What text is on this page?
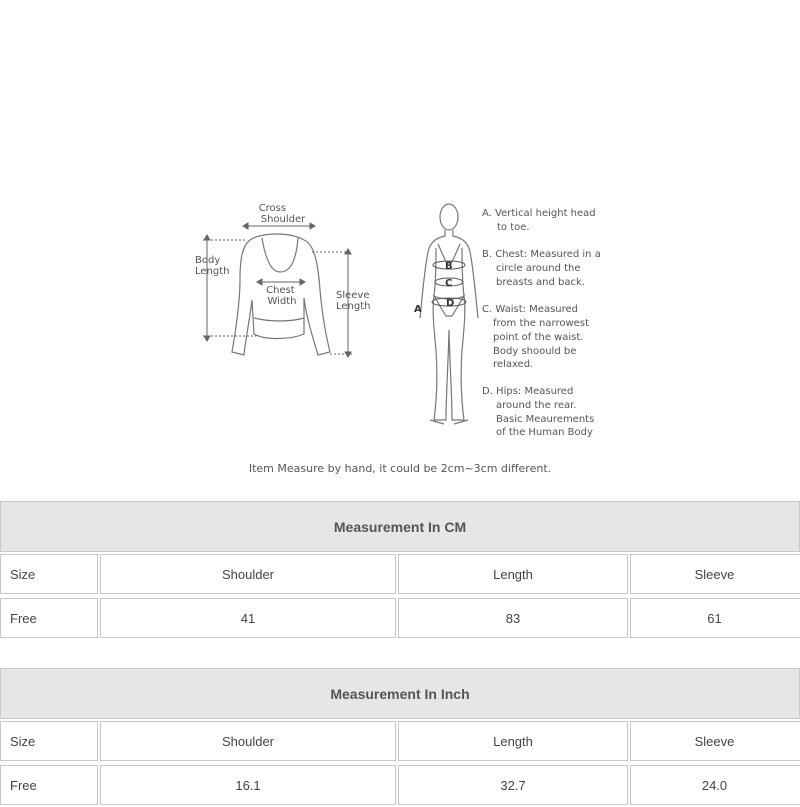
Cross Shoulder
Body Length
Chest Width
Sleeve Length
B
C
D
A
A. Vertical height head to toe.
B. Chest: Measured in a circle around the breasts and back.
C. Waist: Measured from the narrowest point of the waist. Body shoould be relaxed.
D. Hips: Measured around the rear. Basic Meaurements of the Human Body
Item Measure by hand, it could be 2cm~3cm different.
Measurement In CM
Size	Shoulder	Length	Sleeve
Free	41	83	61
Measurement In Inch
Size	Shoulder	Length	Sleeve
Free	16.1	32.7	24.0
